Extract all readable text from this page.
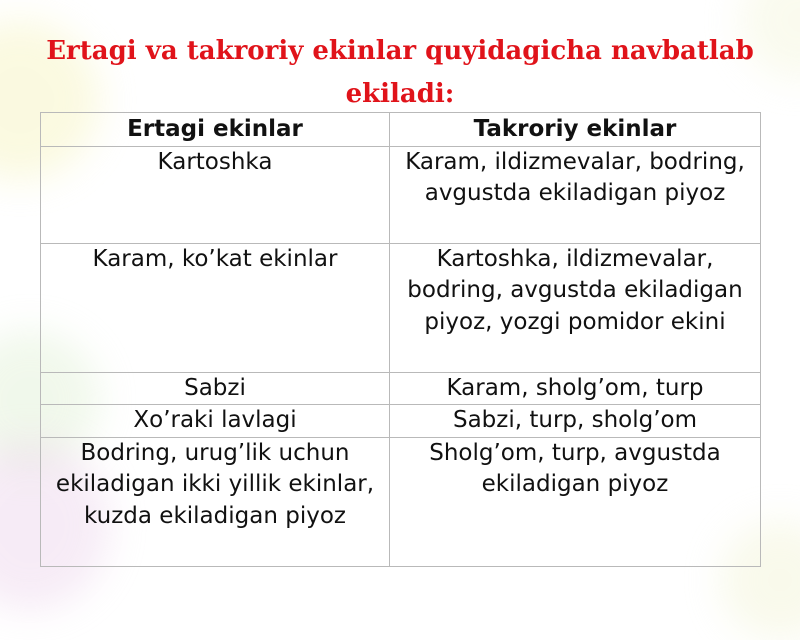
Ertagi va takroriy ekinlar quyidagicha navbatlab ekiladi:
Ertagi ekinlar	Takroriy ekinlar
Kartoshka	Karam, ildizmevalar, bodring, avgustda ekiladigan piyoz
Karam, ko’kat ekinlar	Kartoshka, ildizmevalar, bodring, avgustda ekiladigan piyoz, yozgi pomidor ekini
Sabzi	Karam, sholg’om, turp
Xo’raki lavlagi	Sabzi, turp, sholg’om
Bodring, urug’lik uchun ekiladigan ikki yillik ekinlar, kuzda ekiladigan piyoz	Sholg’om, turp, avgustda ekiladigan piyoz
